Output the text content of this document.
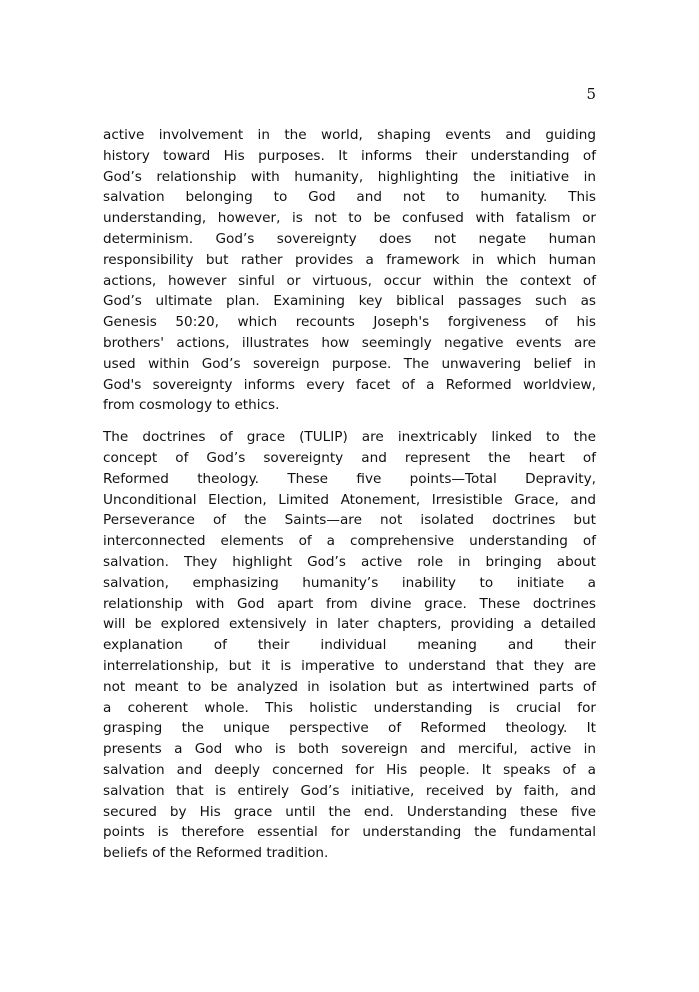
5

active involvement in the world, shaping events and guiding
history toward His purposes. It informs their understanding of
God’s relationship with humanity, highlighting the initiative in
salvation belonging to God and not to humanity. This
understanding, however, is not to be confused with fatalism or
determinism. God’s sovereignty does not negate human
responsibility but rather provides a framework in which human
actions, however sinful or virtuous, occur within the context of
God’s ultimate plan. Examining key biblical passages such as
Genesis 50:20, which recounts Joseph's forgiveness of his
brothers' actions, illustrates how seemingly negative events are
used within God’s sovereign purpose. The unwavering belief in
God's sovereignty informs every facet of a Reformed worldview,
from cosmology to ethics.

The doctrines of grace (TULIP) are inextricably linked to the
concept of God’s sovereignty and represent the heart of
Reformed theology. These five points—Total Depravity,
Unconditional Election, Limited Atonement, Irresistible Grace, and
Perseverance of the Saints—are not isolated doctrines but
interconnected elements of a comprehensive understanding of
salvation. They highlight God’s active role in bringing about
salvation, emphasizing humanity’s inability to initiate a
relationship with God apart from divine grace. These doctrines
will be explored extensively in later chapters, providing a detailed
explanation of their individual meaning and their
interrelationship, but it is imperative to understand that they are
not meant to be analyzed in isolation but as intertwined parts of
a coherent whole. This holistic understanding is crucial for
grasping the unique perspective of Reformed theology. It
presents a God who is both sovereign and merciful, active in
salvation and deeply concerned for His people. It speaks of a
salvation that is entirely God’s initiative, received by faith, and
secured by His grace until the end. Understanding these five
points is therefore essential for understanding the fundamental
beliefs of the Reformed tradition.
